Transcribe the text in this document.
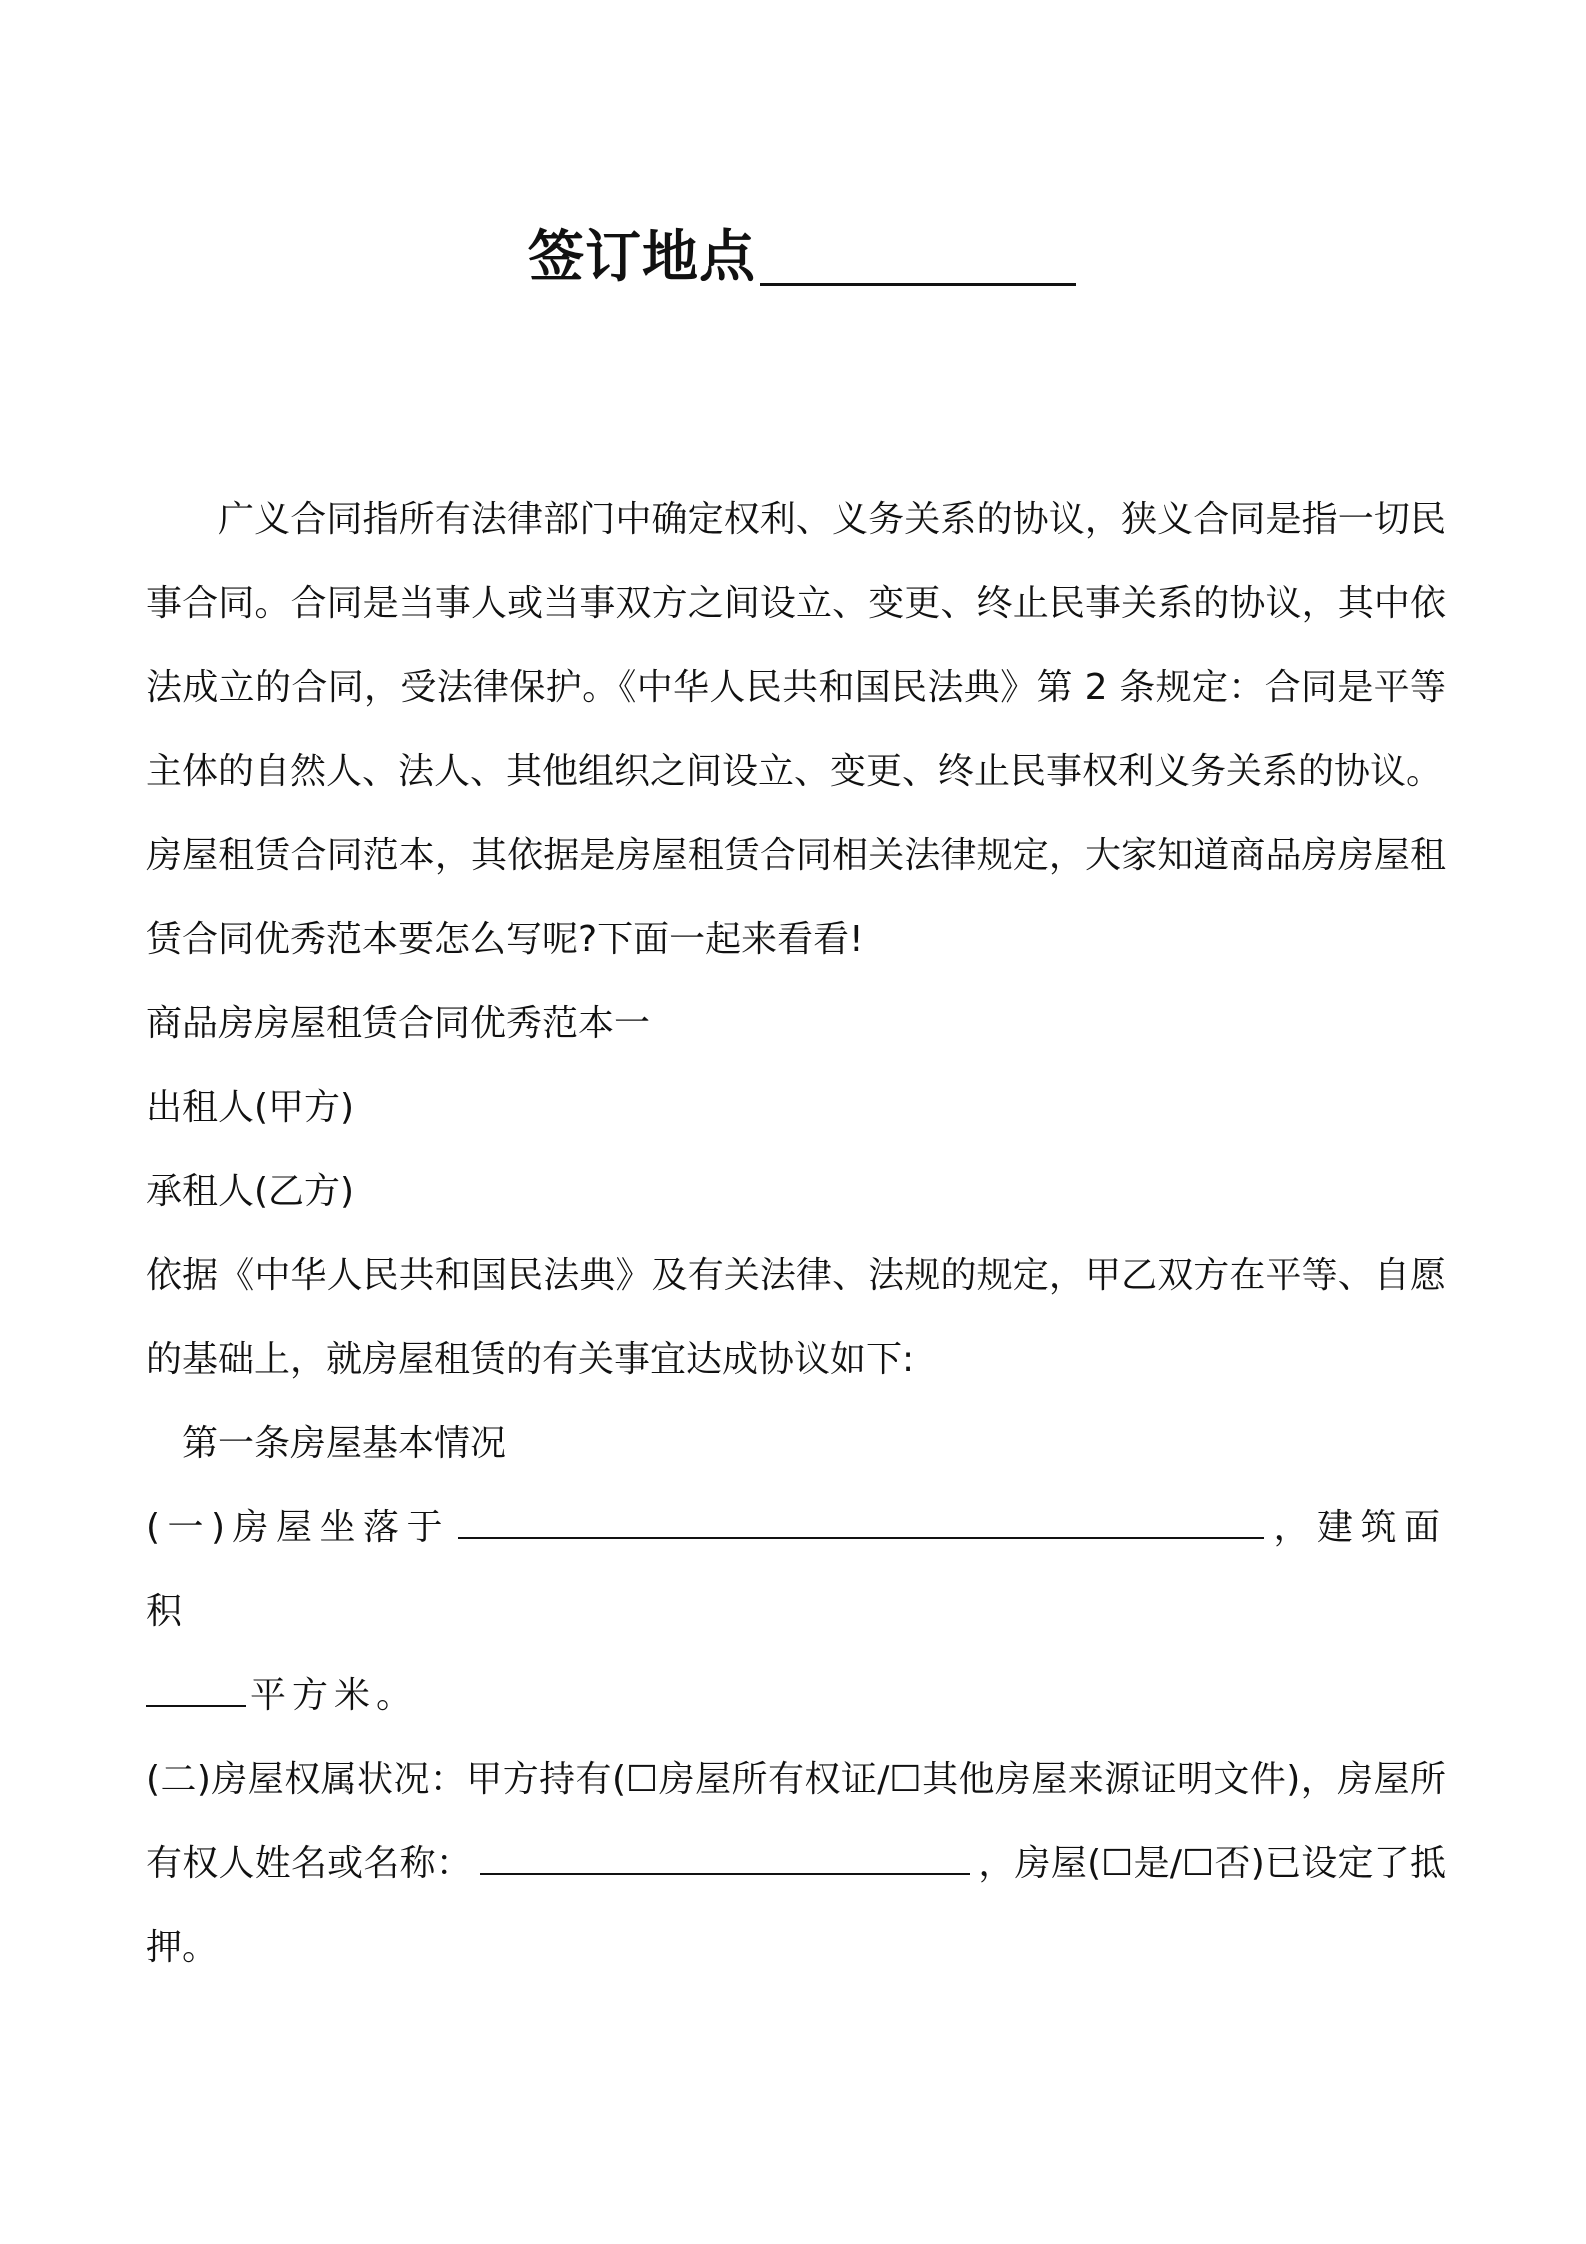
签订地点

广义合同指所有法律部门中确定权利、义务关系的协议，狭义合同是指一切民事合同。合同是当事人或当事双方之间设立、变更、终止民事关系的协议，其中依法成立的合同，受法律保护。《中华人民共和国民法典》第 2 条规定：合同是平等主体的自然人、法人、其他组织之间设立、变更、终止民事权利义务关系的协议。

房屋租赁合同范本，其依据是房屋租赁合同相关法律规定，大家知道商品房房屋租赁合同优秀范本要怎么写呢?下面一起来看看!

商品房房屋租赁合同优秀范本一

出租人(甲方)

承租人(乙方)

依据《中华人民共和国民法典》及有关法律、法规的规定，甲乙双方在平等、自愿的基础上，就房屋租赁的有关事宜达成协议如下:

第一条房屋基本情况

(一)房屋坐落于	，建筑面积
平方米。

(二)房屋权属状况：甲方持有(☐房屋所有权证/☐其他房屋来源证明文件)，房屋所有权人姓名或名称：	，房屋(☐是/☐否)已设定了抵押。
